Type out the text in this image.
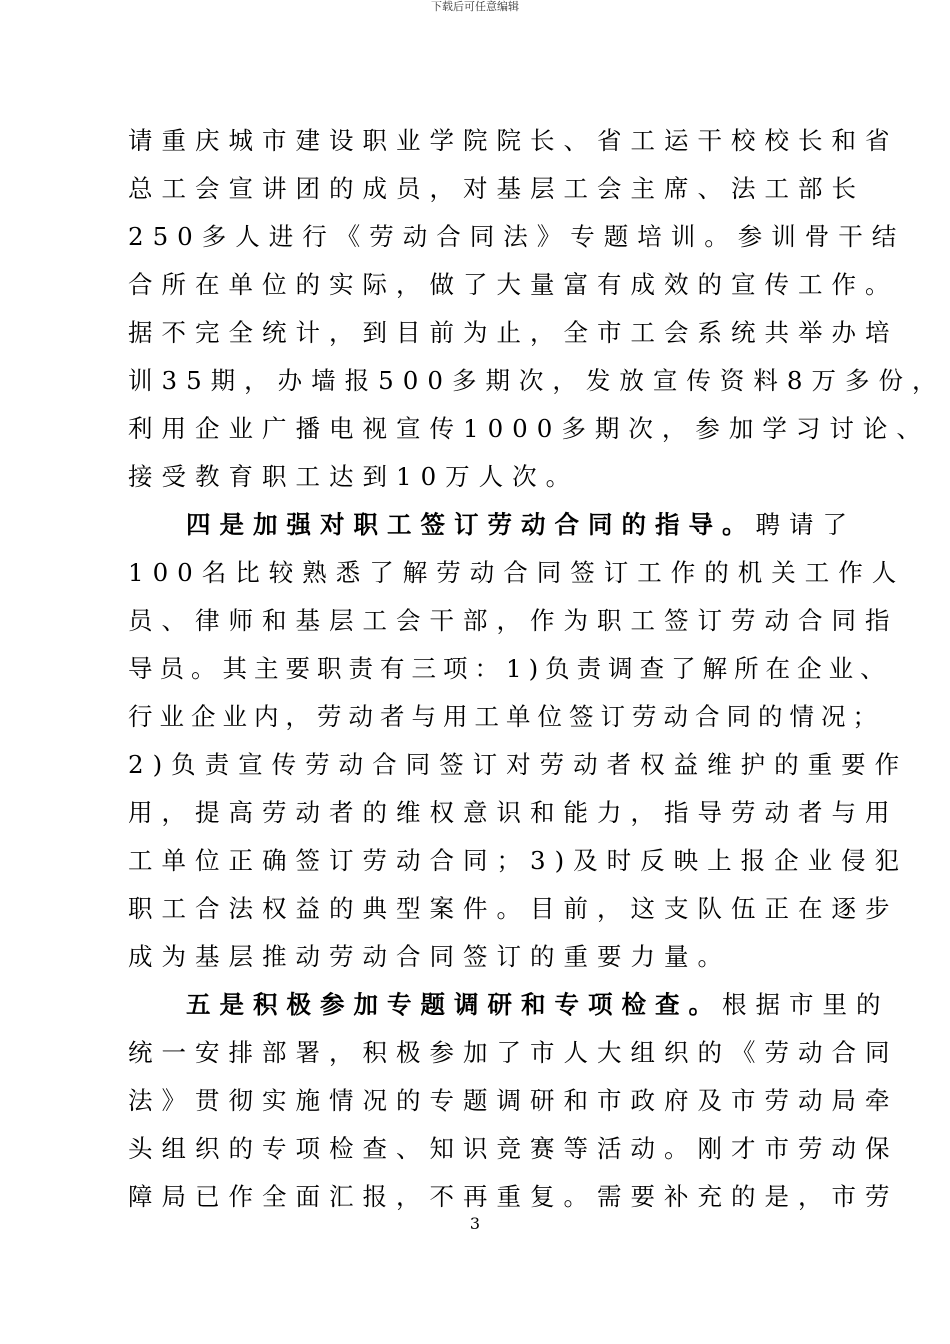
下载后可任意编辑
请重庆城市建设职业学院院长、省工运干校校长和省
总工会宣讲团的成员，对基层工会主席、法工部长
250多人进行《劳动合同法》专题培训。参训骨干结
合所在单位的实际，做了大量富有成效的宣传工作。
据不完全统计，到目前为止，全市工会系统共举办培
训35期，办墙报500多期次，发放宣传资料8万多份，
利用企业广播电视宣传1000多期次，参加学习讨论、
接受教育职工达到10万人次。
四是加强对职工签订劳动合同的指导。聘请了
100名比较熟悉了解劳动合同签订工作的机关工作人
员、律师和基层工会干部，作为职工签订劳动合同指
导员。其主要职责有三项：1)负责调查了解所在企业、
行业企业内，劳动者与用工单位签订劳动合同的情况；
2)负责宣传劳动合同签订对劳动者权益维护的重要作
用，提高劳动者的维权意识和能力，指导劳动者与用
工单位正确签订劳动合同；3)及时反映上报企业侵犯
职工合法权益的典型案件。目前，这支队伍正在逐步
成为基层推动劳动合同签订的重要力量。
五是积极参加专题调研和专项检查。根据市里的
统一安排部署，积极参加了市人大组织的《劳动合同
法》贯彻实施情况的专题调研和市政府及市劳动局牵
头组织的专项检查、知识竞赛等活动。刚才市劳动保
障局已作全面汇报，不再重复。需要补充的是，市劳
3
